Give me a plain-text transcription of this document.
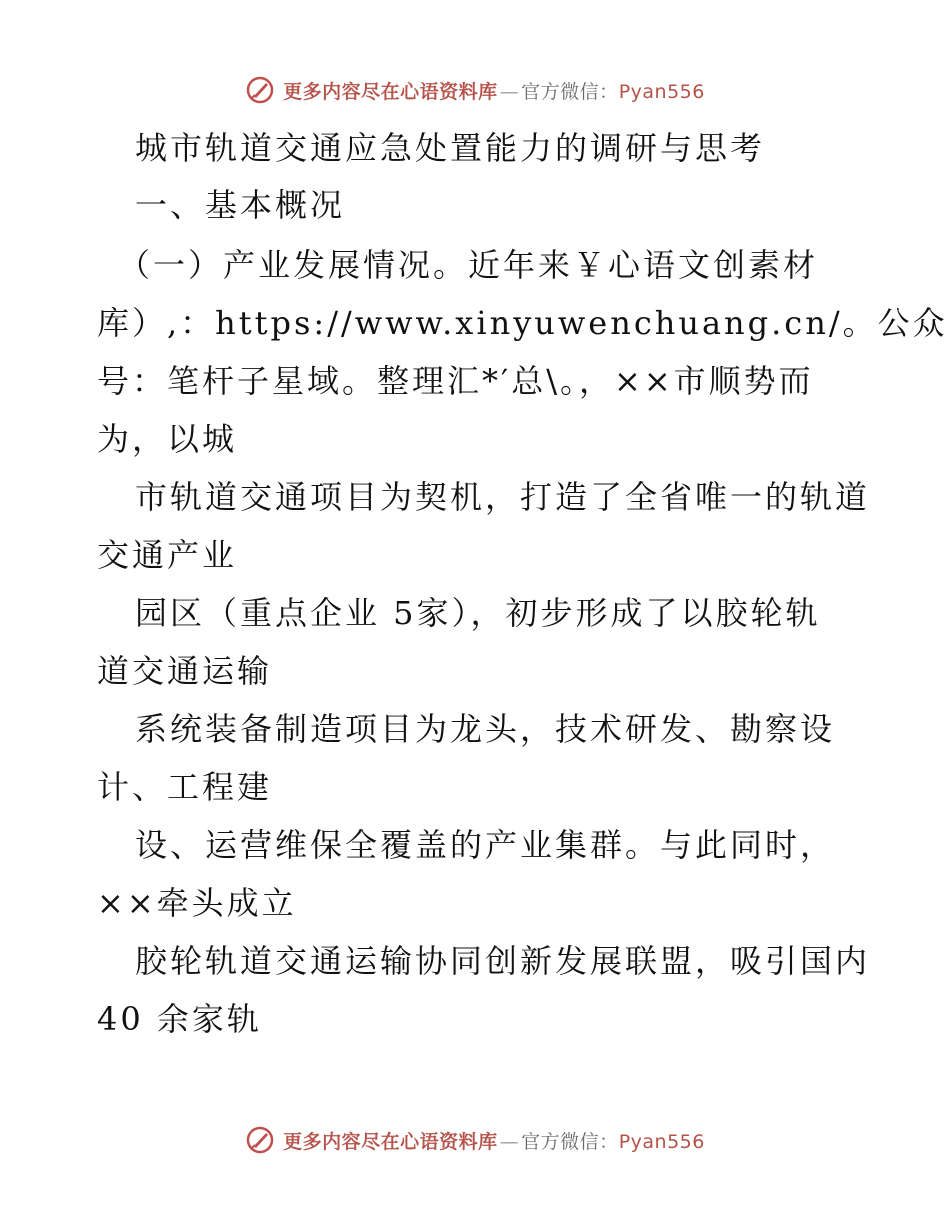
更多内容尽在心语资料库 — 官方微信：Pyan556
城市轨道交通应急处置能力的调研与思考
一、基本概况
（一）产业发展情况。近年来￥心语文创素材
库）,：https://www.xinyuwenchuang.cn/。公众
号：笔杆子星域。整理汇*′总\。，××市顺势而
为，以城
市轨道交通项目为契机，打造了全省唯一的轨道
交通产业
园区（重点企业 5家），初步形成了以胶轮轨
道交通运输
系统装备制造项目为龙头，技术研发、勘察设
计、工程建
设、运营维保全覆盖的产业集群。与此同时，
××牵头成立
胶轮轨道交通运输协同创新发展联盟，吸引国内
40 余家轨
更多内容尽在心语资料库 — 官方微信：Pyan556
